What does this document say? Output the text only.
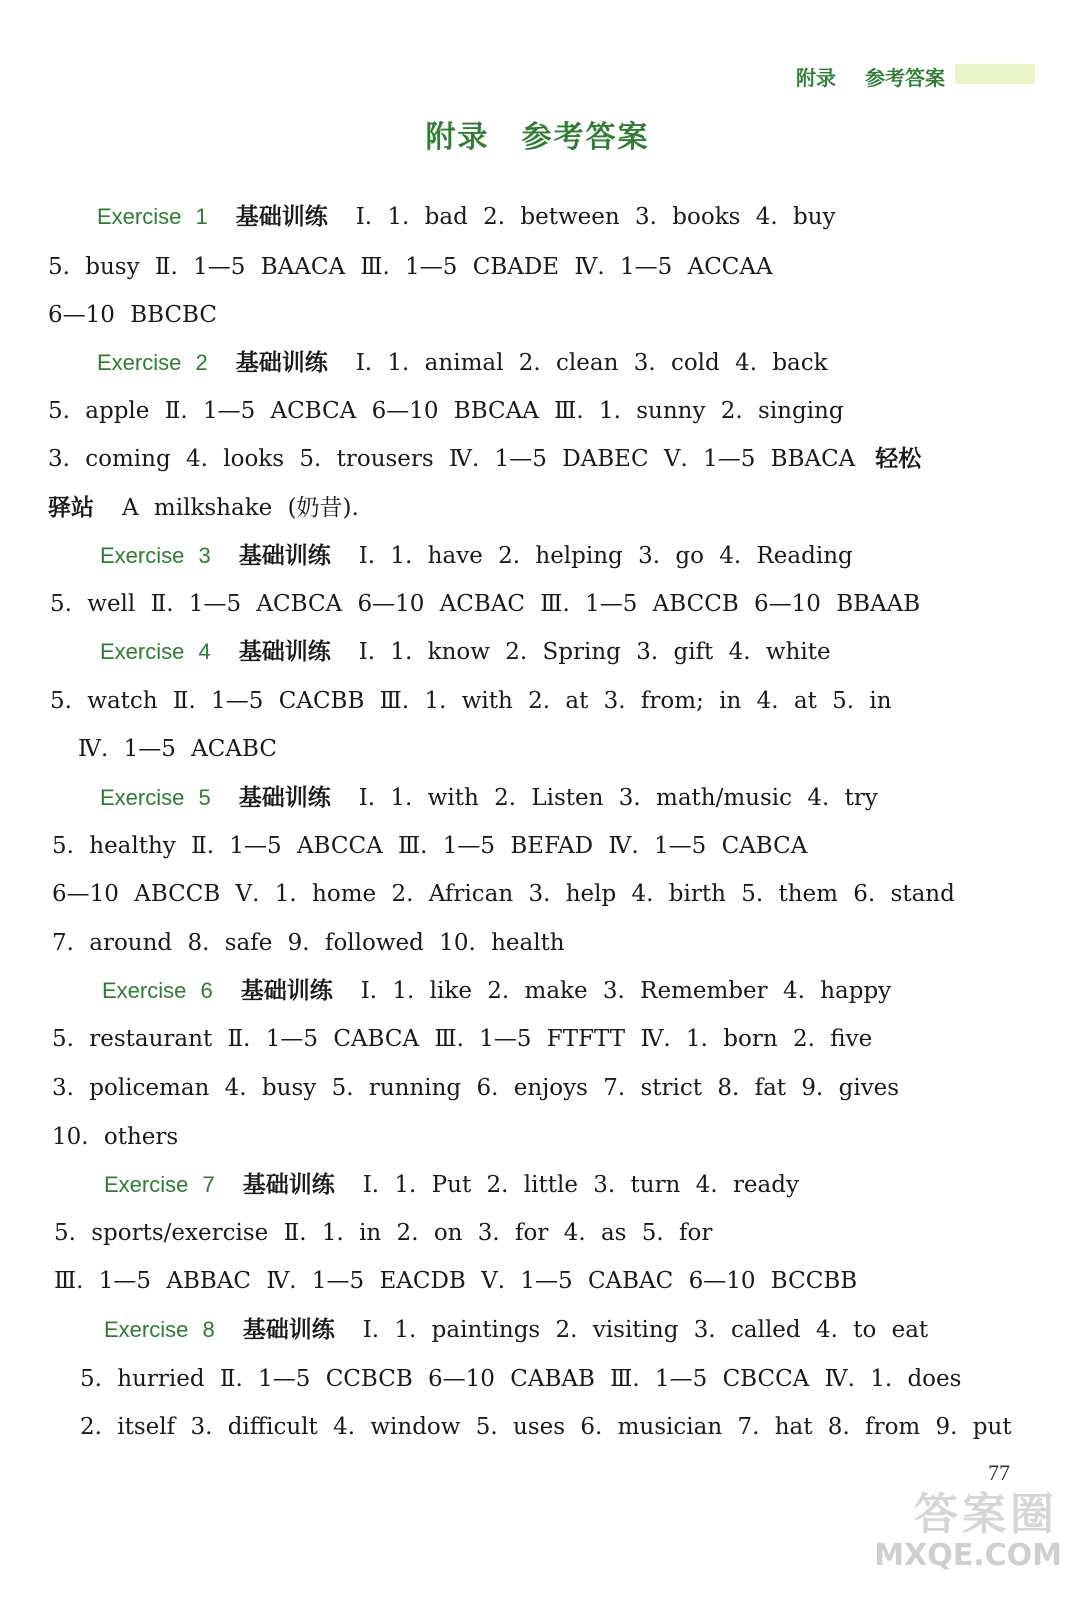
附录 参考答案
附录　参考答案
Exercise 1 基础训练 Ⅰ. 1. bad 2. between 3. books 4. buy
5. busy Ⅱ. 1—5 BAACA Ⅲ. 1—5 CBADE Ⅳ. 1—5 ACCAA
6—10 BBCBC
Exercise 2 基础训练 Ⅰ. 1. animal 2. clean 3. cold 4. back
5. apple Ⅱ. 1—5 ACBCA 6—10 BBCAA Ⅲ. 1. sunny 2. singing
3. coming 4. looks 5. trousers Ⅳ. 1—5 DABEC Ⅴ. 1—5 BBACA 轻松
驿站 A milkshake (奶昔).
Exercise 3 基础训练 Ⅰ. 1. have 2. helping 3. go 4. Reading
5. well Ⅱ. 1—5 ACBCA 6—10 ACBAC Ⅲ. 1—5 ABCCB 6—10 BBAAB
Exercise 4 基础训练 Ⅰ. 1. know 2. Spring 3. gift 4. white
5. watch Ⅱ. 1—5 CACBB Ⅲ. 1. with 2. at 3. from; in 4. at 5. in
Ⅳ. 1—5 ACABC
Exercise 5 基础训练 Ⅰ. 1. with 2. Listen 3. math/music 4. try
5. healthy Ⅱ. 1—5 ABCCA Ⅲ. 1—5 BEFAD Ⅳ. 1—5 CABCA
6—10 ABCCB Ⅴ. 1. home 2. African 3. help 4. birth 5. them 6. stand
7. around 8. safe 9. followed 10. health
Exercise 6 基础训练 Ⅰ. 1. like 2. make 3. Remember 4. happy
5. restaurant Ⅱ. 1—5 CABCA Ⅲ. 1—5 FTFTT Ⅳ. 1. born 2. five
3. policeman 4. busy 5. running 6. enjoys 7. strict 8. fat 9. gives
10. others
Exercise 7 基础训练 Ⅰ. 1. Put 2. little 3. turn 4. ready
5. sports/exercise Ⅱ. 1. in 2. on 3. for 4. as 5. for
Ⅲ. 1—5 ABBAC Ⅳ. 1—5 EACDB Ⅴ. 1—5 CABAC 6—10 BCCBB
Exercise 8 基础训练 Ⅰ. 1. paintings 2. visiting 3. called 4. to eat
5. hurried Ⅱ. 1—5 CCBCB 6—10 CABAB Ⅲ. 1—5 CBCCA Ⅳ. 1. does
2. itself 3. difficult 4. window 5. uses 6. musician 7. hat 8. from 9. put
77
答案圈
MXQE.COM
